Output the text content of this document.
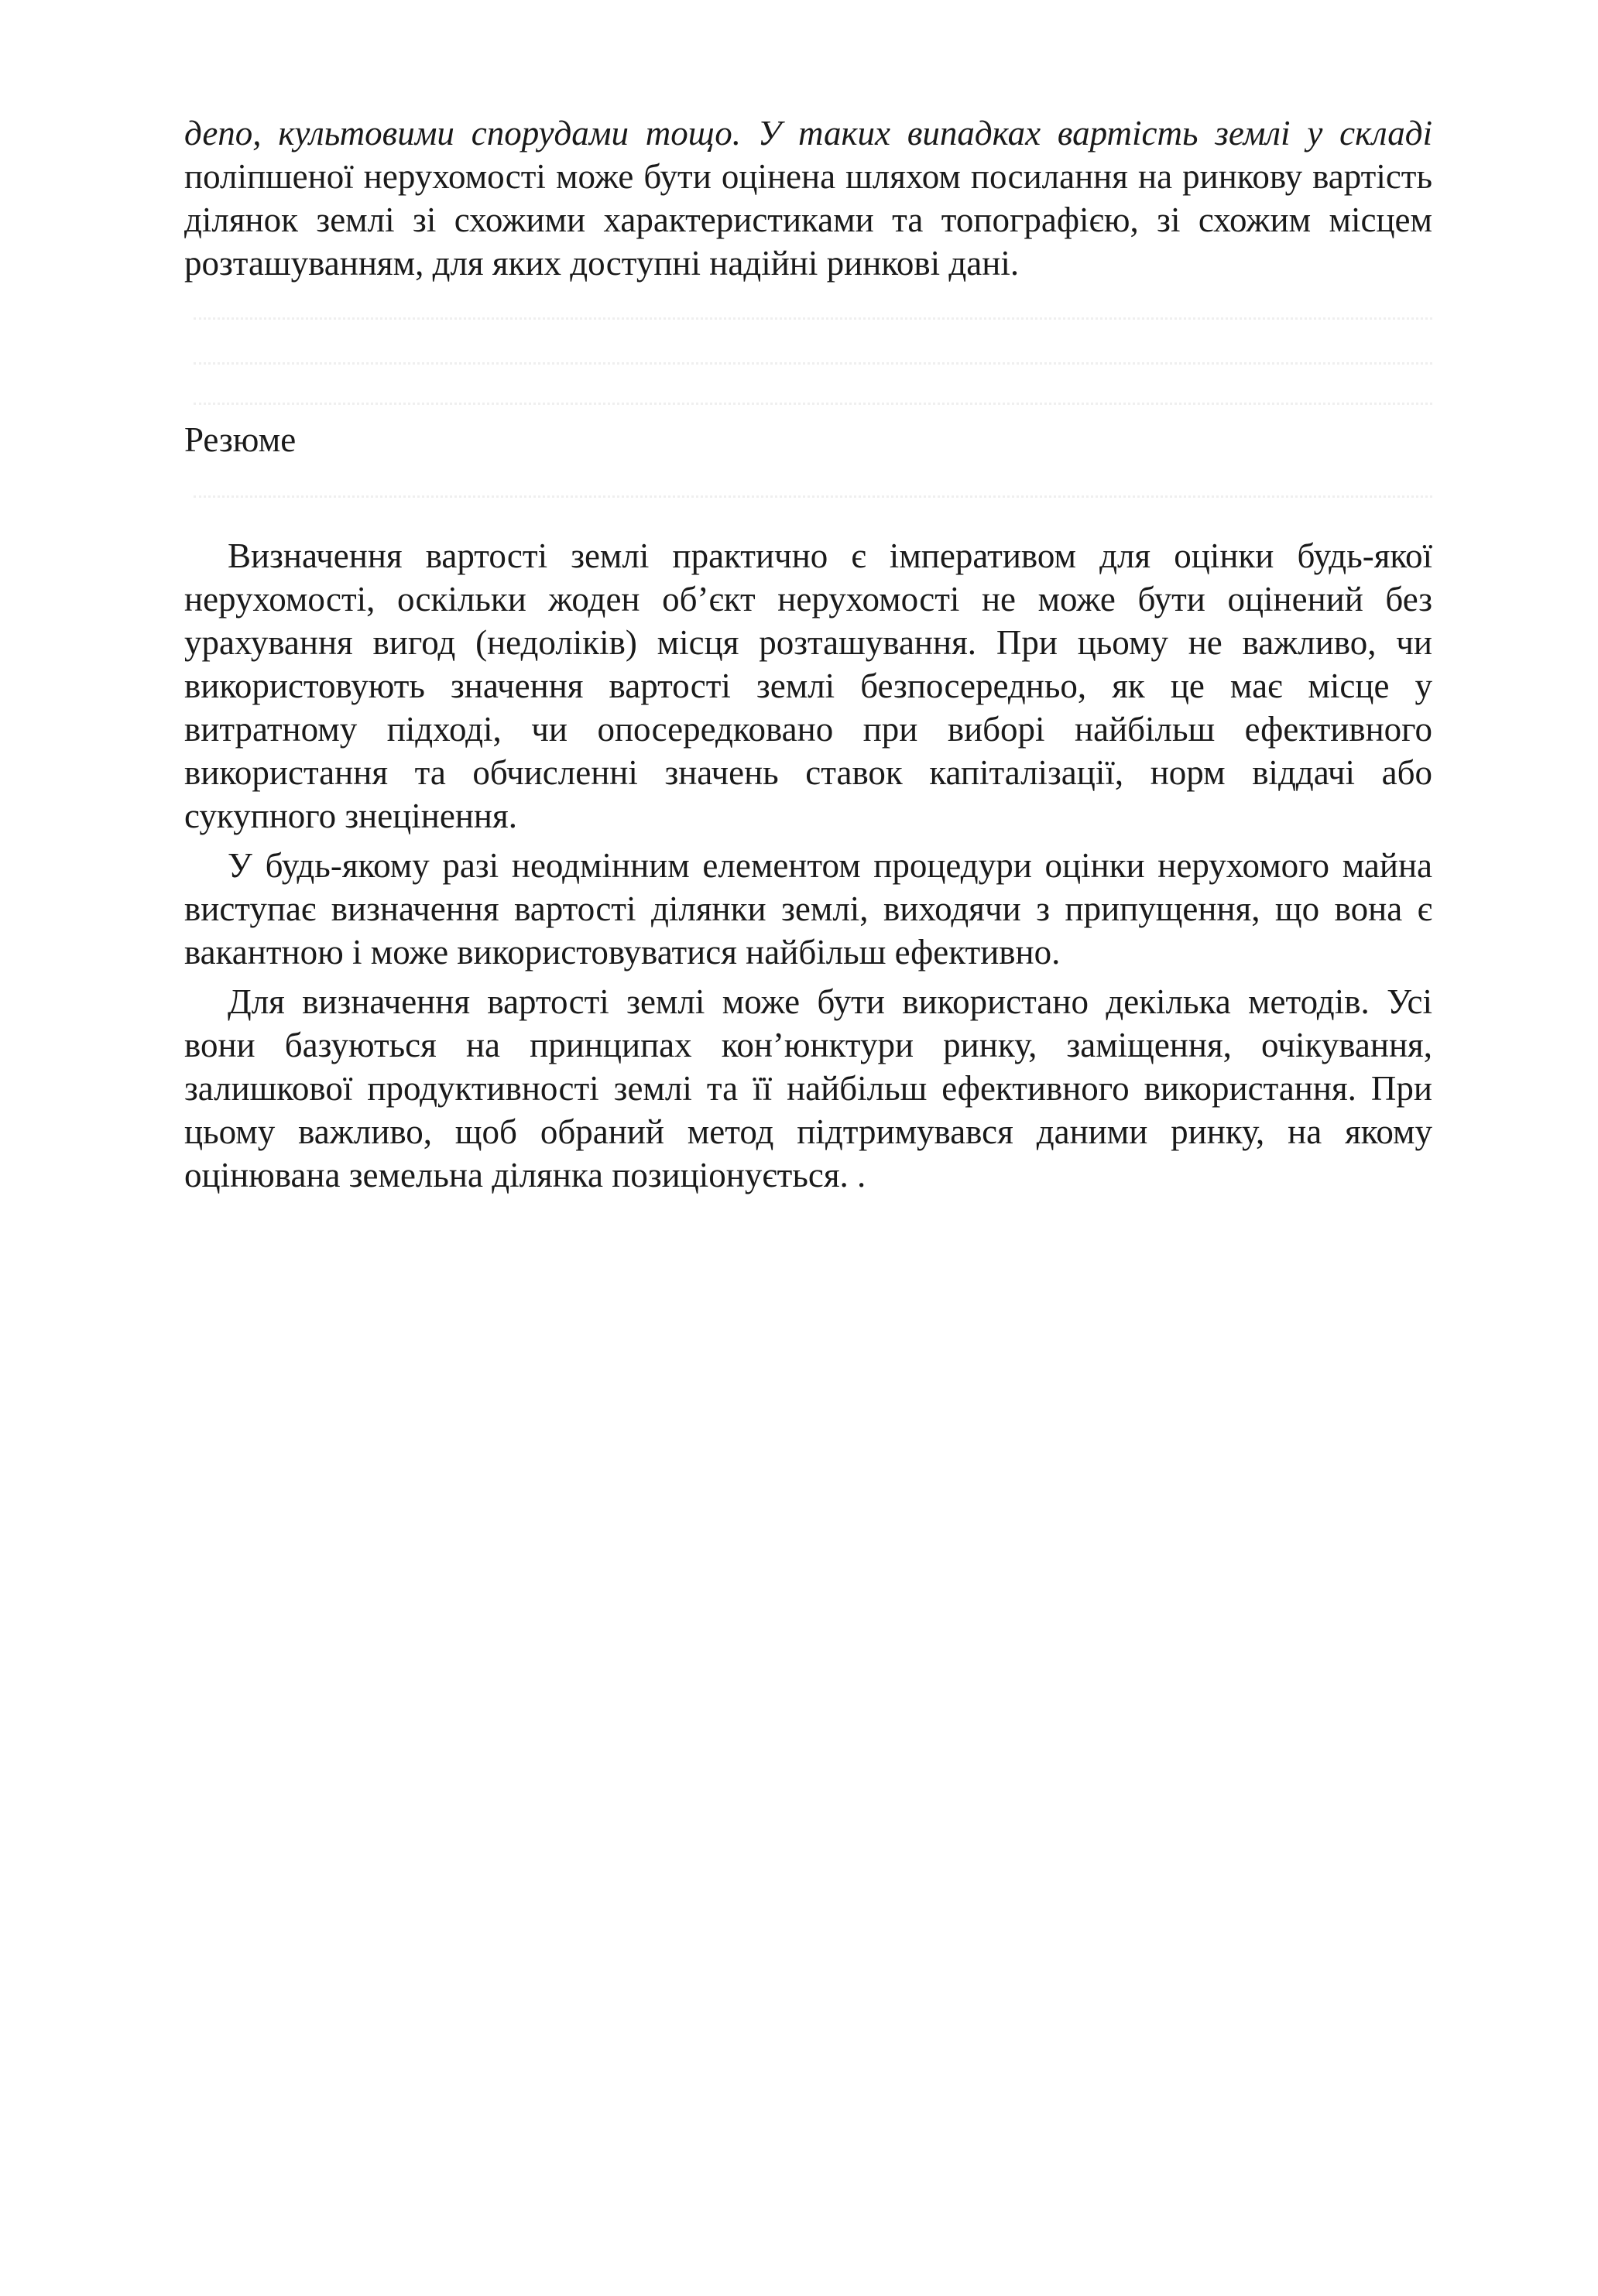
депо, культовими спорудами тощо. У таких випадках вартість землі у складі поліпшеної нерухомості може бути оцінена шляхом посилання на ринкову вартість ділянок землі зі схожими характеристиками та топографією, зі схожим місцем розташуванням, для яких доступні надійні ринкові дані.

Резюме

Визначення вартості землі практично є імперативом для оцінки будь-якої нерухомості, оскільки жоден об’єкт нерухомості не може бути оцінений без урахування вигод (недоліків) місця розташування. При цьому не важливо, чи використовують значення вартості землі безпосередньо, як це має місце у витратному підході, чи опосередковано при виборі найбільш ефективного використання та обчисленні значень ставок капіталізації, норм віддачі або сукупного знецінення.

У будь-якому разі неодмінним елементом процедури оцінки нерухомого майна виступає визначення вартості ділянки землі, виходячи з припущення, що вона є вакантною і може використовуватися найбільш ефективно.

Для визначення вартості землі може бути використано декілька методів. Усі вони базуються на принципах кон’юнктури ринку, заміщення, очікування, залишкової продуктивності землі та її найбільш ефективного використання. При цьому важливо, щоб обраний метод підтримувався даними ринку, на якому оцінювана земельна ділянка позиціонується. .
